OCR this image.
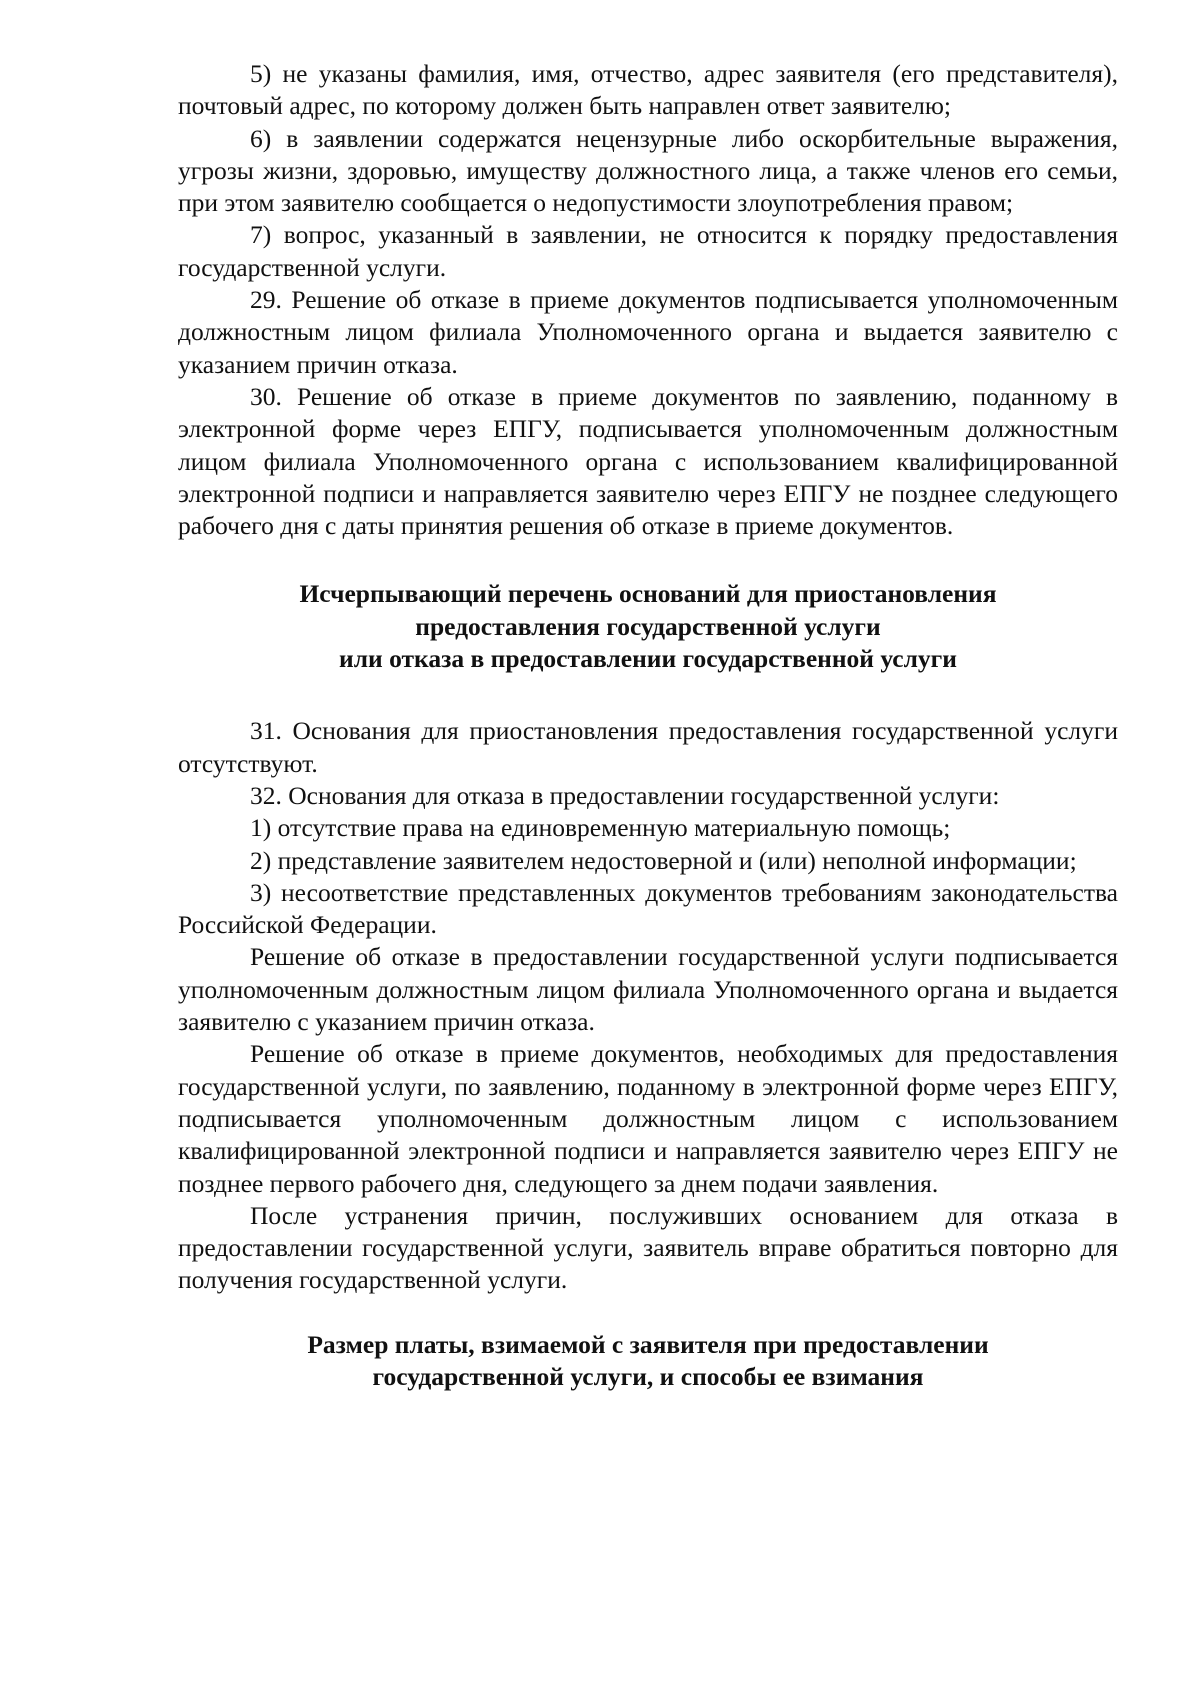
5) не указаны фамилия, имя, отчество, адрес заявителя (его представителя), почтовый адрес, по которому должен быть направлен ответ заявителю;

6) в заявлении содержатся нецензурные либо оскорбительные выражения, угрозы жизни, здоровью, имуществу должностного лица, а также членов его семьи, при этом заявителю сообщается о недопустимости злоупотребления правом;

7) вопрос, указанный в заявлении, не относится к порядку предоставления государственной услуги.

29. Решение об отказе в приеме документов подписывается уполномоченным должностным лицом филиала Уполномоченного органа и выдается заявителю с указанием причин отказа.

30. Решение об отказе в приеме документов по заявлению, поданному в электронной форме через ЕПГУ, подписывается уполномоченным должностным лицом филиала Уполномоченного органа с использованием квалифицированной электронной подписи и направляется заявителю через ЕПГУ не позднее следующего рабочего дня с даты принятия решения об отказе в приеме документов.

Исчерпывающий перечень оснований для приостановления
предоставления государственной услуги
или отказа в предоставлении государственной услуги

31. Основания для приостановления предоставления государственной услуги отсутствуют.

32. Основания для отказа в предоставлении государственной услуги:

1) отсутствие права на единовременную материальную помощь;

2) представление заявителем недостоверной и (или) неполной информации;

3) несоответствие представленных документов требованиям законодательства Российской Федерации.

Решение об отказе в предоставлении государственной услуги подписывается уполномоченным должностным лицом филиала Уполномоченного органа и выдается заявителю с указанием причин отказа.

Решение об отказе в приеме документов, необходимых для предоставления государственной услуги, по заявлению, поданному в электронной форме через ЕПГУ, подписывается уполномоченным должностным лицом с использованием квалифицированной электронной подписи и направляется заявителю через ЕПГУ не позднее первого рабочего дня, следующего за днем подачи заявления.

После устранения причин, послуживших основанием для отказа в предоставлении государственной услуги, заявитель вправе обратиться повторно для получения государственной услуги.

Размер платы, взимаемой с заявителя при предоставлении
государственной услуги, и способы ее взимания
